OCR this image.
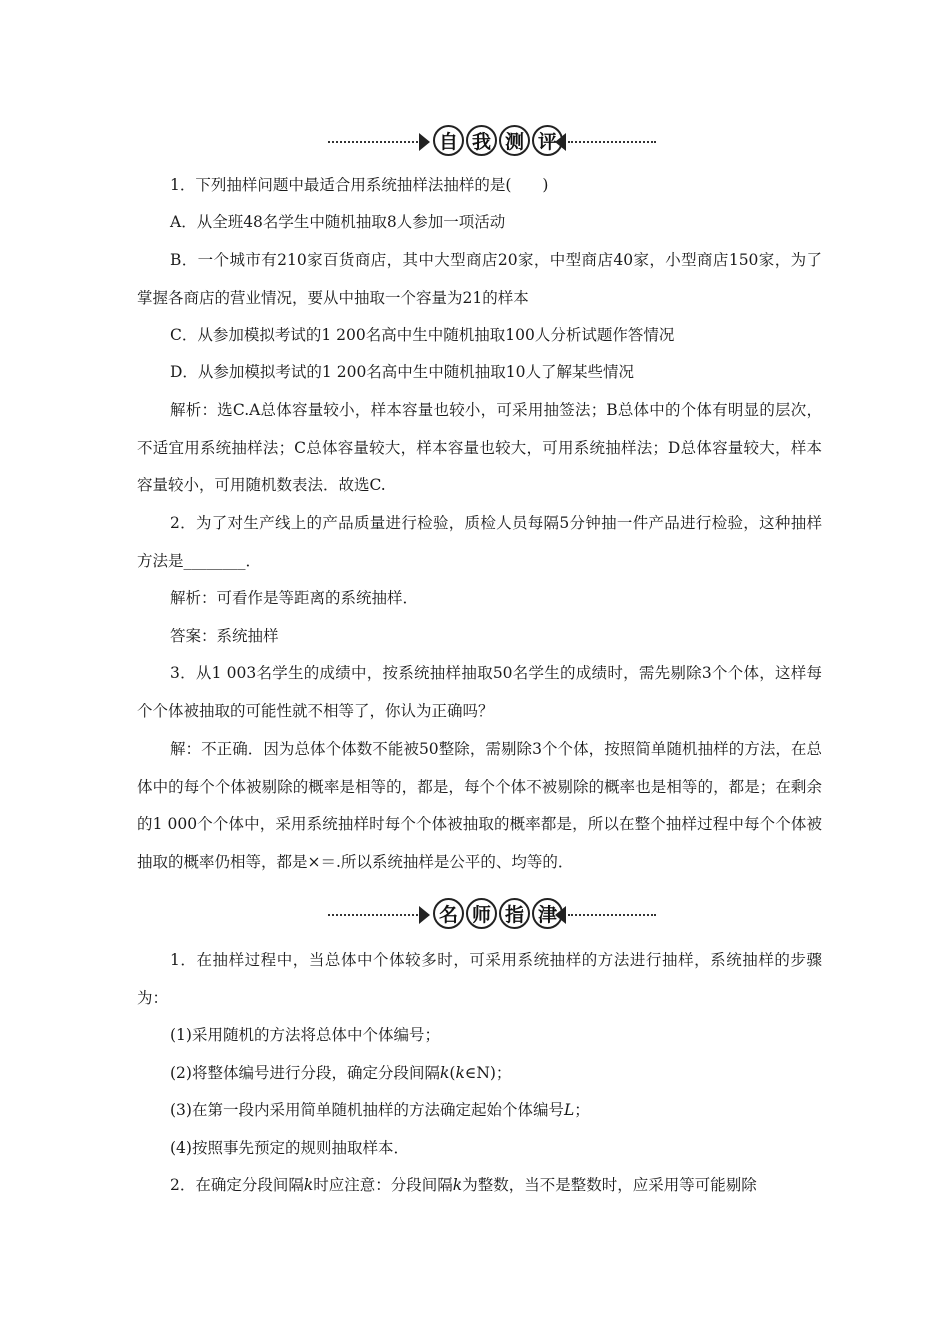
自 我 测 评

1．下列抽样问题中最适合用系统抽样法抽样的是(　　)

A．从全班48名学生中随机抽取8人参加一项活动

B．一个城市有210家百货商店，其中大型商店20家，中型商店40家，小型商店150家，为了掌握各商店的营业情况，要从中抽取一个容量为21的样本

C．从参加模拟考试的1 200名高中生中随机抽取100人分析试题作答情况

D．从参加模拟考试的1 200名高中生中随机抽取10人了解某些情况

解析：选C.A总体容量较小，样本容量也较小，可采用抽签法；B总体中的个体有明显的层次，不适宜用系统抽样法；C总体容量较大，样本容量也较大，可用系统抽样法；D总体容量较大，样本容量较小，可用随机数表法．故选C.

2．为了对生产线上的产品质量进行检验，质检人员每隔5分钟抽一件产品进行检验，这种抽样方法是________．

解析：可看作是等距离的系统抽样．

答案：系统抽样

3．从1 003名学生的成绩中，按系统抽样抽取50名学生的成绩时，需先剔除3个个体，这样每个个体被抽取的可能性就不相等了，你认为正确吗？

解：不正确．因为总体个体数不能被50整除，需剔除3个个体，按照简单随机抽样的方法，在总体中的每个个体被剔除的概率是相等的，都是，每个个体不被剔除的概率也是相等的，都是；在剩余的1 000个个体中，采用系统抽样时每个个体被抽取的概率都是，所以在整个抽样过程中每个个体被抽取的概率仍相等，都是×＝.所以系统抽样是公平的、均等的．

名 师 指 津

1．在抽样过程中，当总体中个体较多时，可采用系统抽样的方法进行抽样，系统抽样的步骤为：

(1)采用随机的方法将总体中个体编号；

(2)将整体编号进行分段，确定分段间隔k(k∈N)；

(3)在第一段内采用简单随机抽样的方法确定起始个体编号L；

(4)按照事先预定的规则抽取样本．

2．在确定分段间隔k时应注意：分段间隔k为整数，当不是整数时，应采用等可能剔除
